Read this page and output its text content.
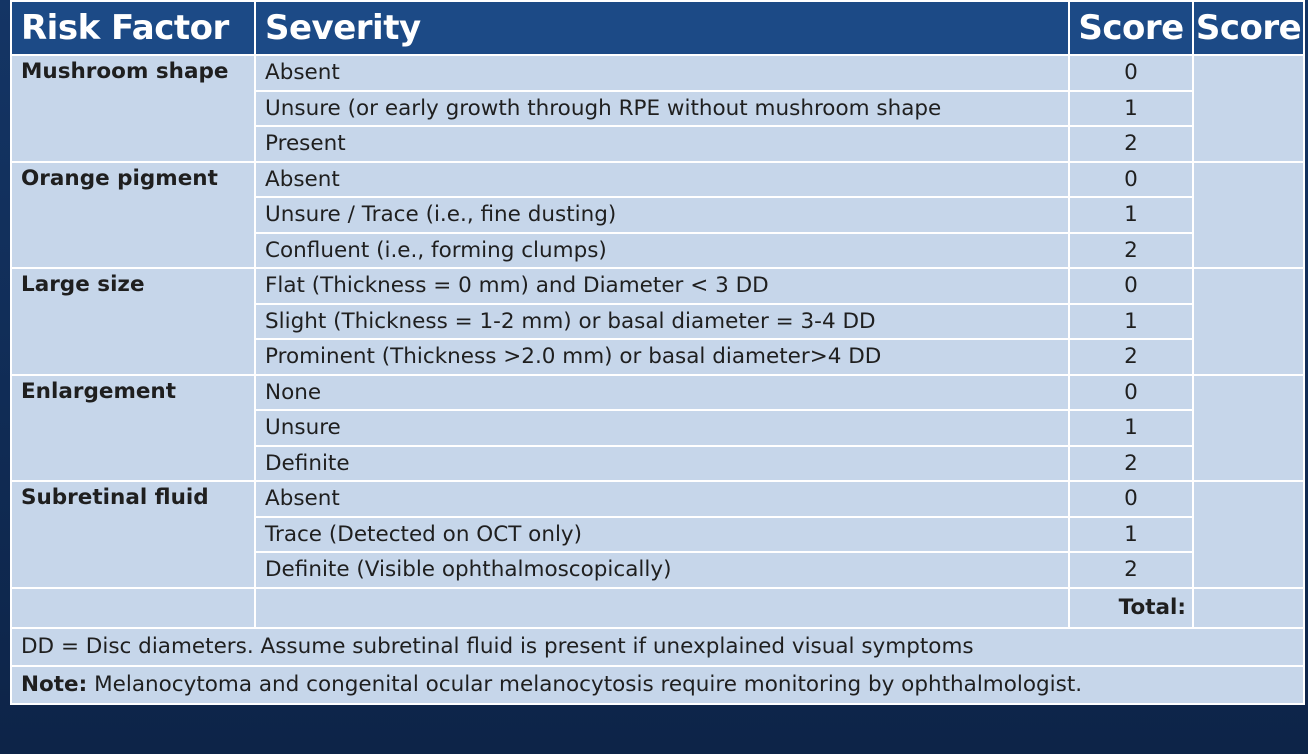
Risk Factor	Severity	Score	Score
Mushroom shape	Absent	0	
	Unsure (or early growth through RPE without mushroom shape	1	
	Present	2	
Orange pigment	Absent	0	
	Unsure / Trace (i.e., fine dusting)	1	
	Confluent (i.e., forming clumps)	2	
Large size	Flat (Thickness = 0 mm) and Diameter < 3 DD	0	
	Slight (Thickness = 1-2 mm) or basal diameter = 3-4 DD	1	
	Prominent (Thickness >2.0 mm) or basal diameter>4 DD	2	
Enlargement	None	0	
	Unsure	1	
	Definite	2	
Subretinal fluid	Absent	0	
	Trace (Detected on OCT only)	1	
	Definite (Visible ophthalmoscopically)	2	
		Total:	
DD = Disc diameters. Assume subretinal fluid is present if unexplained visual symptoms			
Note: Melanocytoma and congenital ocular melanocytosis require monitoring by ophthalmologist.			
